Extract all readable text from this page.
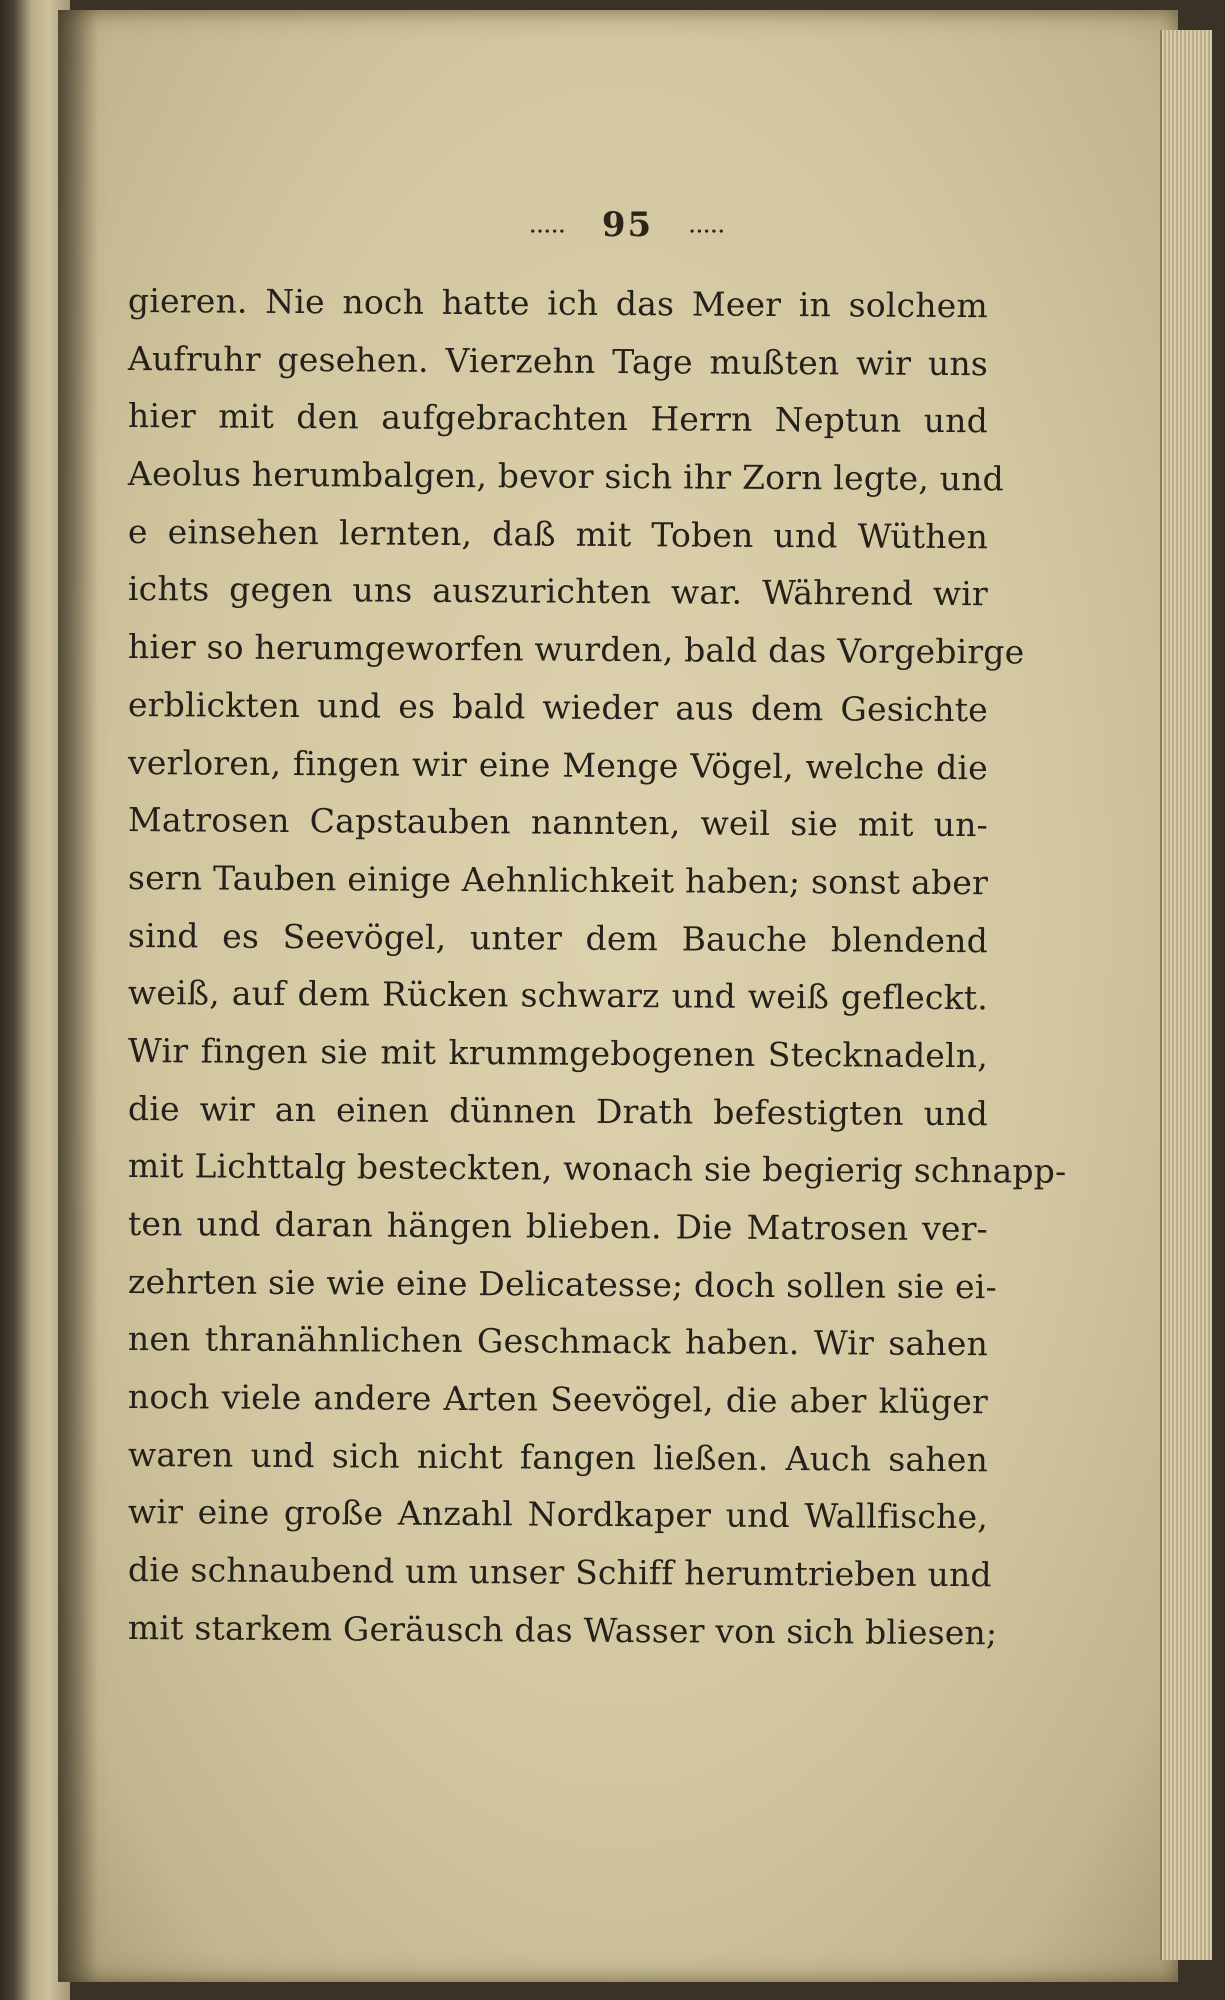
..... 95 .....
gieren. Nie noch hatte ich das Meer in solchem
Aufruhr gesehen. Vierzehn Tage mußten wir uns
hier mit den aufgebrachten Herrn Neptun und
Aeolus herumbalgen, bevor sich ihr Zorn legte, und
e einsehen lernten, daß mit Toben und Wüthen
ichts gegen uns auszurichten war. Während wir
hier so herumgeworfen wurden, bald das Vorgebirge
erblickten und es bald wieder aus dem Gesichte
verloren, fingen wir eine Menge Vögel, welche die
Matrosen Capstauben nannten, weil sie mit un-
sern Tauben einige Aehnlichkeit haben; sonst aber
sind es Seevögel, unter dem Bauche blendend
weiß, auf dem Rücken schwarz und weiß gefleckt.
Wir fingen sie mit krummgebogenen Stecknadeln,
die wir an einen dünnen Drath befestigten und
mit Lichttalg besteckten, wonach sie begierig schnapp-
ten und daran hängen blieben. Die Matrosen ver-
zehrten sie wie eine Delicatesse; doch sollen sie ei-
nen thranähnlichen Geschmack haben. Wir sahen
noch viele andere Arten Seevögel, die aber klüger
waren und sich nicht fangen ließen. Auch sahen
wir eine große Anzahl Nordkaper und Wallfische,
die schnaubend um unser Schiff herumtrieben und
mit starkem Geräusch das Wasser von sich bliesen;
